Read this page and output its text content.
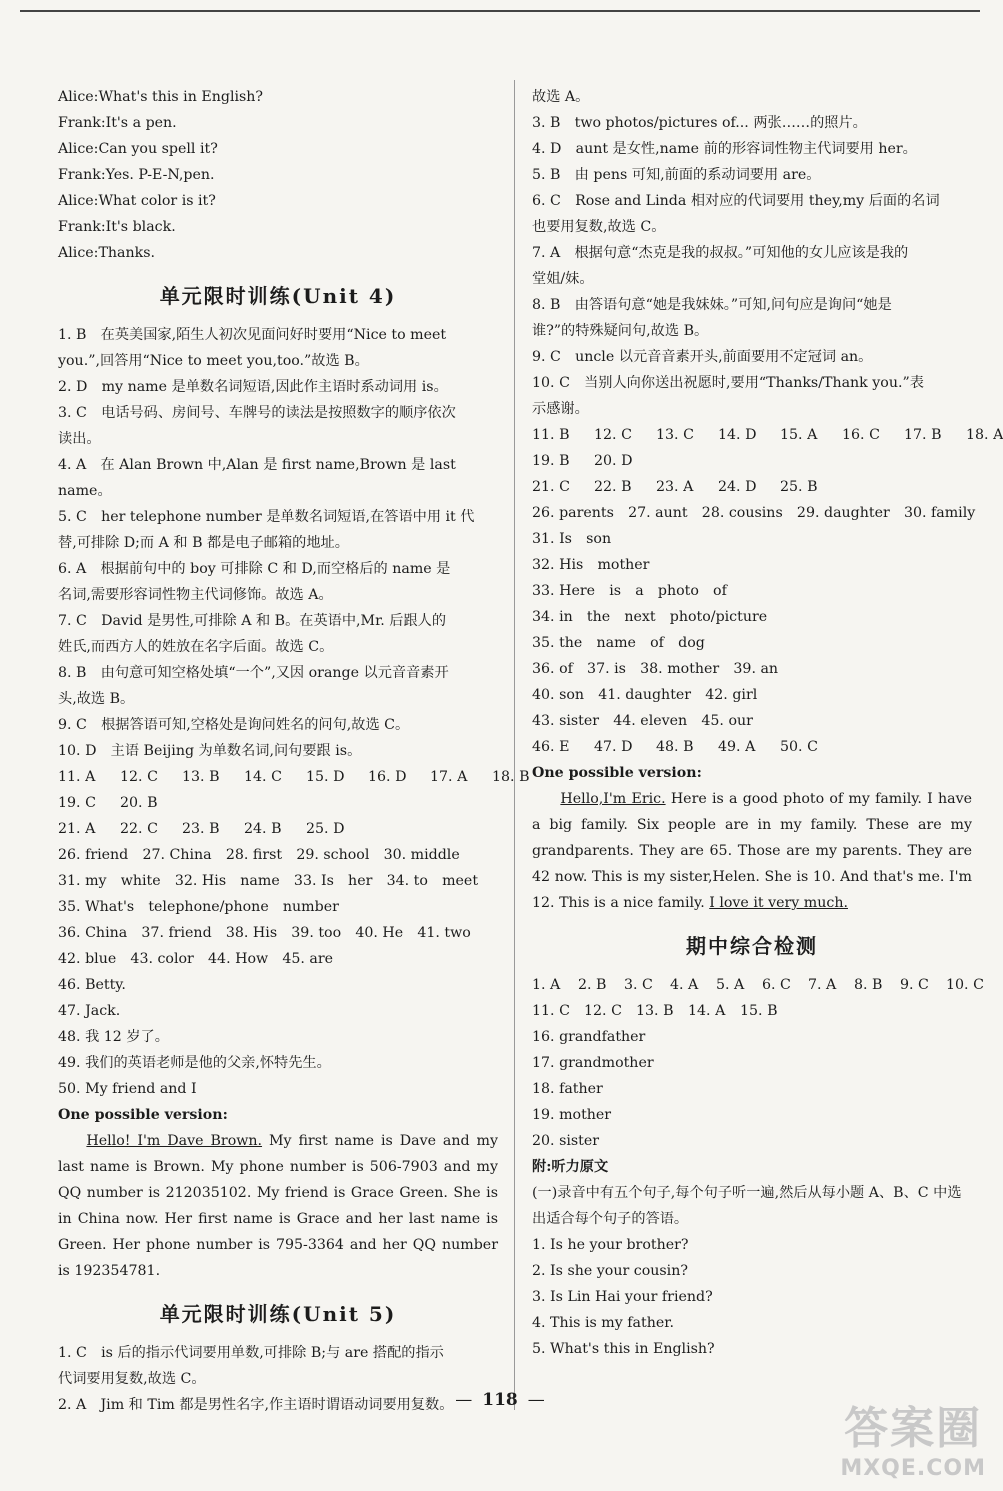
Alice:What's this in English?
Frank:It's a pen.
Alice:Can you spell it?
Frank:Yes. P-E-N,pen.
Alice:What color is it?
Frank:It's black.
Alice:Thanks.
单元限时训练(Unit 4)
1. B　在英美国家,陌生人初次见面问好时要用“Nice to meet
you.”,回答用“Nice to meet you,too.”故选 B。
2. D　my name 是单数名词短语,因此作主语时系动词用 is。
3. C　电话号码、房间号、车牌号的读法是按照数字的顺序依次
读出。
4. A　在 Alan Brown 中,Alan 是 first name,Brown 是 last
name。
5. C　her telephone number 是单数名词短语,在答语中用 it 代
替,可排除 D;而 A 和 B 都是电子邮箱的地址。
6. A　根据前句中的 boy 可排除 C 和 D,而空格后的 name 是
名词,需要形容词性物主代词修饰。故选 A。
7. C　David 是男性,可排除 A 和 B。在英语中,Mr. 后跟人的
姓氏,而西方人的姓放在名字后面。故选 C。
8. B　由句意可知空格处填“一个”,又因 orange 以元音音素开
头,故选 B。
9. C　根据答语可知,空格处是询问姓名的问句,故选 C。
10. D　主语 Beijing 为单数名词,问句要跟 is。
11. A 12. C 13. B 14. C 15. D 16. D 17. A 18. B
19. C 20. B
21. A 22. C 23. B 24. B 25. D
26. friend　27. China　28. first　29. school　30. middle
31. my　white　32. His　name　33. Is　her　34. to　meet
35. What's　telephone/phone　number
36. China　37. friend　38. His　39. too　40. He　41. two
42. blue　43. color　44. How　45. are
46. Betty.
47. Jack.
48. 我 12 岁了。
49. 我们的英语老师是他的父亲,怀特先生。
50. My friend and I
One possible version:
Hello! I'm Dave Brown. My first name is Dave and my last name is Brown. My phone number is 506-7903 and my QQ number is 212035102. My friend is Grace Green. She is in China now. Her first name is Grace and her last name is Green. Her phone number is 795-3364 and her QQ number is 192354781.
单元限时训练(Unit 5)
1. C　is 后的指示代词要用单数,可排除 B;与 are 搭配的指示
代词要用复数,故选 C。
2. A　Jim 和 Tim 都是男性名字,作主语时谓语动词要用复数。
故选 A。
3. B　two photos/pictures of... 两张……的照片。
4. D　aunt 是女性,name 前的形容词性物主代词要用 her。
5. B　由 pens 可知,前面的系动词要用 are。
6. C　Rose and Linda 相对应的代词要用 they,my 后面的名词
也要用复数,故选 C。
7. A　根据句意“杰克是我的叔叔。”可知他的女儿应该是我的
堂姐/妹。
8. B　由答语句意“她是我妹妹。”可知,问句应是询问“她是
谁?”的特殊疑问句,故选 B。
9. C　uncle 以元音音素开头,前面要用不定冠词 an。
10. C　当别人向你送出祝愿时,要用“Thanks/Thank you.”表
示感谢。
11. B 12. C 13. C 14. D 15. A 16. C 17. B 18. A
19. B 20. D
21. C 22. B 23. A 24. D 25. B
26. parents　27. aunt　28. cousins　29. daughter　30. family
31. Is　son
32. His　mother
33. Here　is　a　photo　of
34. in　the　next　photo/picture
35. the　name　of　dog
36. of　37. is　38. mother　39. an
40. son　41. daughter　42. girl
43. sister　44. eleven　45. our
46. E 47. D 48. B 49. A 50. C
One possible version:
Hello,I'm Eric. Here is a good photo of my family. I have a big family. Six people are in my family. These are my grandparents. They are 65. Those are my parents. They are 42 now. This is my sister,Helen. She is 10. And that's me. I'm 12. This is a nice family. I love it very much.
期中综合检测
1. A 2. B 3. C 4. A 5. A 6. C 7. A 8. B 9. C 10. C
11. C 12. C 13. B 14. A 15. B
16. grandfather
17. grandmother
18. father
19. mother
20. sister
附:听力原文
(一)录音中有五个句子,每个句子听一遍,然后从每小题 A、B、C 中选出适合每个句子的答语。
1. Is he your brother?
2. Is she your cousin?
3. Is Lin Hai your friend?
4. This is my father.
5. What's this in English?
— 118 —
答案圈
MXQE.COM
